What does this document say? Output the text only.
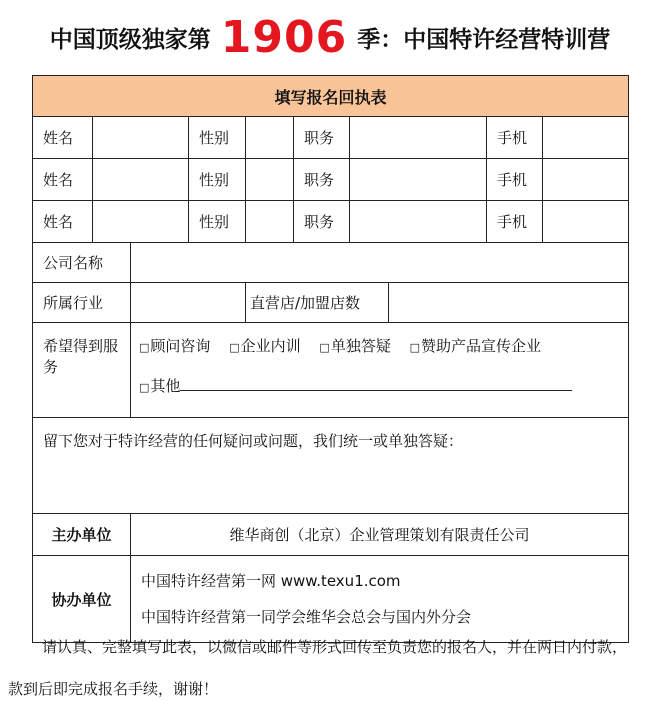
中国顶级独家第 1906 季：中国特许经营特训营
填写报名回执表									
姓名			性别		职务			手机	
姓名			性别		职务			手机	
姓名			性别		职务			手机	
公司名称									
所属行业				直营店/加盟店数					
希望得到服务		□顾问咨询 □企业内训 □单独答疑 □赞助产品宣传企业
□其他							

留下您对于特许经营的任何疑问或问题，我们统一或单独答疑：									
主办单位		维华商创（北京）企业管理策划有限责任公司							
协办单位		中国特许经营第一网 www.texu1.com
中国特许经营第一同学会维华会总会与国内外分会							
请认真、完整填写此表，以微信或邮件等形式回传至负责您的报名人，并在两日内付款，
款到后即完成报名手续，谢谢！
